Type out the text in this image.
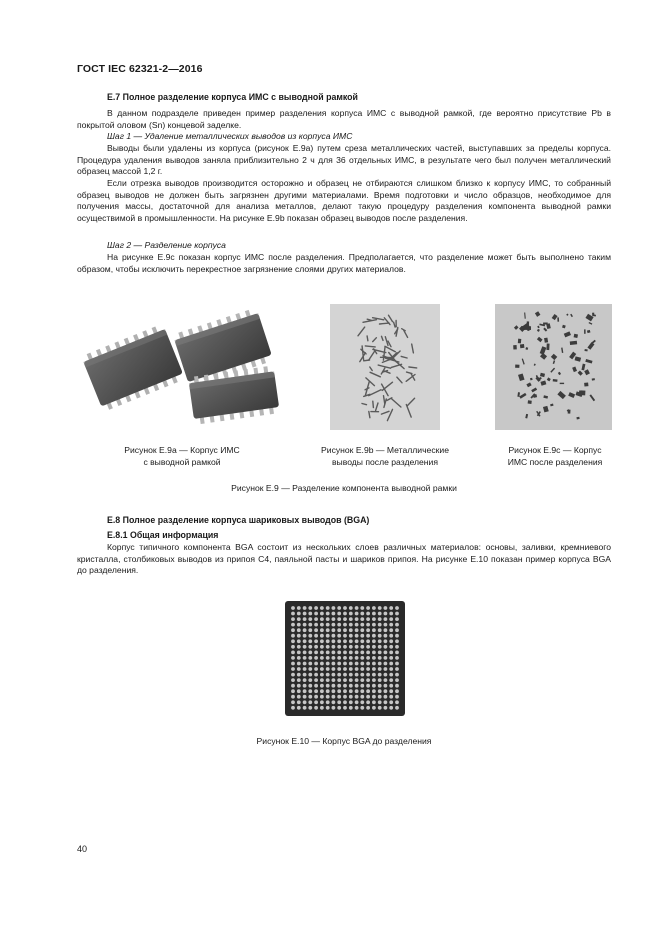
ГОСТ IEC 62321-2—2016
Е.7 Полное разделение корпуса ИМС с выводной рамкой
В данном подразделе приведен пример разделения корпуса ИМС с выводной рамкой, где вероятно присутствие Pb в покрытой оловом (Sn) концевой заделке.
Шаг 1 — Удаление металлических выводов из корпуса ИМС
Выводы были удалены из корпуса (рисунок Е.9а) путем среза металлических частей, выступавших за пределы корпуса. Процедура удаления выводов заняла приблизительно 2 ч для 36 отдельных ИМС, в результате чего был получен металлический образец массой 1,2 г.
Если отрезка выводов производится осторожно и образец не отбираются слишком близко к корпусу ИМС, то собранный образец выводов не должен быть загрязнен другими материалами. Время подготовки и число образцов, необходимое для получения массы, достаточной для анализа металлов, делают такую процедуру разделения компонента выводной рамки осуществимой в промышленности. На рисунке Е.9b показан образец выводов после разделения.
Шаг 2 — Разделение корпуса
На рисунке Е.9с показан корпус ИМС после разделения. Предполагается, что разделение может быть выполнено таким образом, чтобы исключить перекрестное загрязнение слоями других материалов.
Рисунок Е.9а — Корпус ИМС
с выводной рамкой
Рисунок Е.9b — Металлические
выводы после разделения
Рисунок Е.9с — Корпус
ИМС после разделения
Рисунок Е.9 — Разделение компонента выводной рамки
Е.8 Полное разделение корпуса шариковых выводов (BGA)
Е.8.1 Общая информация
Корпус типичного компонента BGA состоит из нескольких слоев различных материалов: основы, заливки, кремниевого кристалла, столбиковых выводов из припоя С4, паяльной пасты и шариков припоя. На рисунке Е.10 показан пример корпуса BGA до разделения.
Рисунок Е.10 — Корпус BGA до разделения
40
